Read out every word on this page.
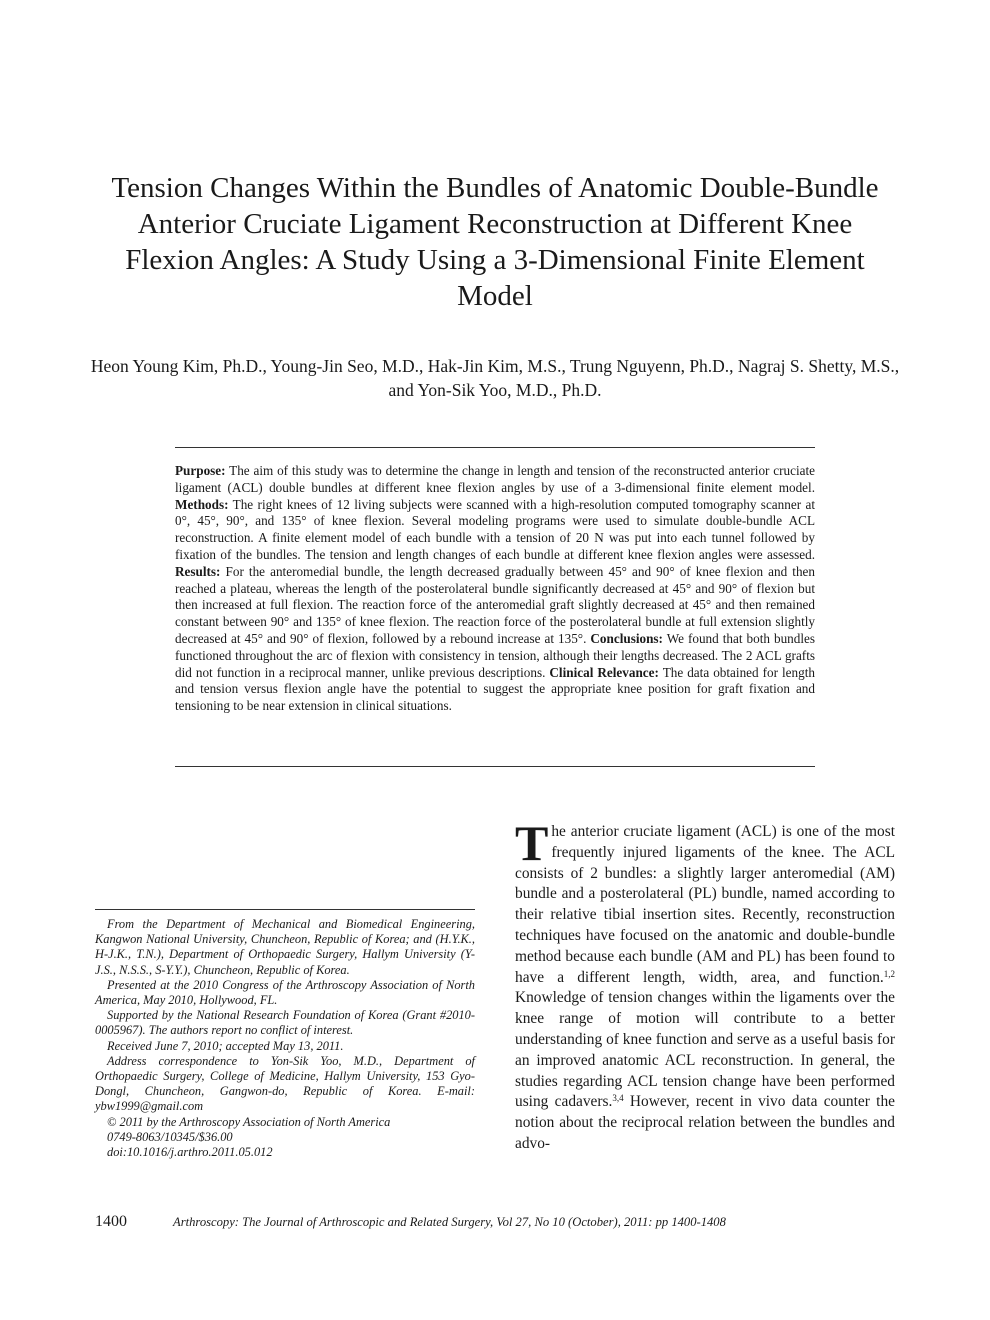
Tension Changes Within the Bundles of Anatomic Double-Bundle Anterior Cruciate Ligament Reconstruction at Different Knee Flexion Angles: A Study Using a 3-Dimensional Finite Element Model

Heon Young Kim, Ph.D., Young-Jin Seo, M.D., Hak-Jin Kim, M.S., Trung Nguyenn, Ph.D., Nagraj S. Shetty, M.S., and Yon-Sik Yoo, M.D., Ph.D.

Purpose: The aim of this study was to determine the change in length and tension of the reconstructed anterior cruciate ligament (ACL) double bundles at different knee flexion angles by use of a 3-dimensional finite element model. Methods: The right knees of 12 living subjects were scanned with a high-resolution computed tomography scanner at 0°, 45°, 90°, and 135° of knee flexion. Several modeling programs were used to simulate double-bundle ACL reconstruction. A finite element model of each bundle with a tension of 20 N was put into each tunnel followed by fixation of the bundles. The tension and length changes of each bundle at different knee flexion angles were assessed. Results: For the anteromedial bundle, the length decreased gradually between 45° and 90° of knee flexion and then reached a plateau, whereas the length of the posterolateral bundle significantly decreased at 45° and 90° of flexion but then increased at full flexion. The reaction force of the anteromedial graft slightly decreased at 45° and then remained constant between 90° and 135° of knee flexion. The reaction force of the posterolateral bundle at full extension slightly decreased at 45° and 90° of flexion, followed by a rebound increase at 135°. Conclusions: We found that both bundles functioned throughout the arc of flexion with consistency in tension, although their lengths decreased. The 2 ACL grafts did not function in a reciprocal manner, unlike previous descriptions. Clinical Relevance: The data obtained for length and tension versus flexion angle have the potential to suggest the appropriate knee position for graft fixation and tensioning to be near extension in clinical situations.

The anterior cruciate ligament (ACL) is one of the most frequently injured ligaments of the knee. The ACL consists of 2 bundles: a slightly larger anteromedial (AM) bundle and a posterolateral (PL) bundle, named according to their relative tibial insertion sites. Recently, reconstruction techniques have focused on the anatomic and double-bundle method because each bundle (AM and PL) has been found to have a different length, width, area, and function.$^{1,2}$ Knowledge of tension changes within the ligaments over the knee range of motion will contribute to a better understanding of knee function and serve as a useful basis for an improved anatomic ACL reconstruction. In general, the studies regarding ACL tension change have been performed using cadavers.$^{3,4}$ However, recent in vivo data counter the notion about the reciprocal relation between the bundles and advo-

From the Department of Mechanical and Biomedical Engineering, Kangwon National University, Chuncheon, Republic of Korea; and (H.Y.K., H-J.K., T.N.), Department of Orthopaedic Surgery, Hallym University (Y-J.S., N.S.S., S-Y.Y.), Chuncheon, Republic of Korea.

Presented at the 2010 Congress of the Arthroscopy Association of North America, May 2010, Hollywood, FL.

Supported by the National Research Foundation of Korea (Grant #2010-0005967). The authors report no conflict of interest.

Received June 7, 2010; accepted May 13, 2011.

Address correspondence to Yon-Sik Yoo, M.D., Department of Orthopaedic Surgery, College of Medicine, Hallym University, 153 Gyo-Dongl, Chuncheon, Gangwon-do, Republic of Korea. E-mail: ybw1999@gmail.com

© 2011 by the Arthroscopy Association of North America

0749-8063/10345/$36.00

doi:10.1016/j.arthro.2011.05.012

1400	Arthroscopy: The Journal of Arthroscopic and Related Surgery, Vol 27, No 10 (October), 2011: pp 1400-1408
